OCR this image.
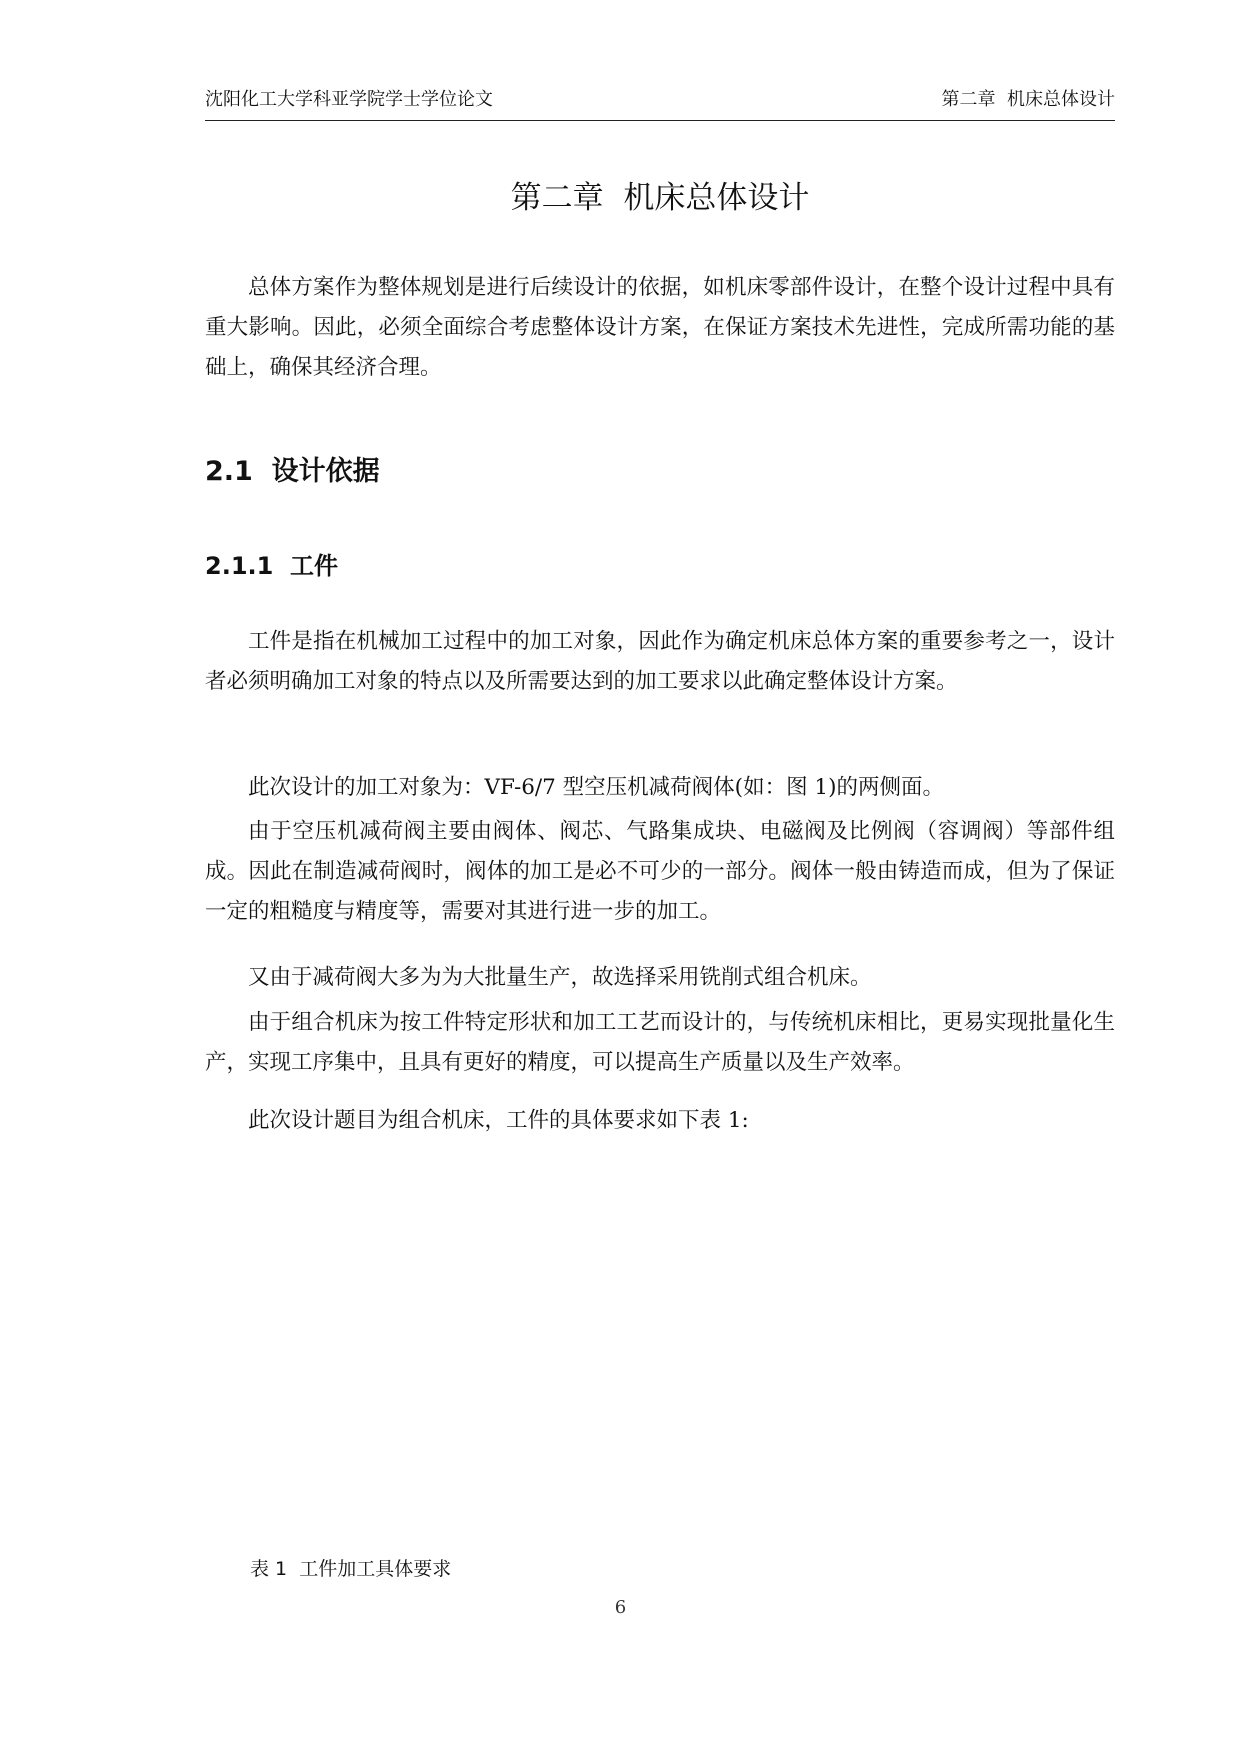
沈阳化工大学科亚学院学士学位论文	第二章  机床总体设计
第二章  机床总体设计

总体方案作为整体规划是进行后续设计的依据，如机床零部件设计，在整个设计过程中具有重大影响。因此，必须全面综合考虑整体设计方案，在保证方案技术先进性，完成所需功能的基础上，确保其经济合理。

2.1  设计依据
2.1.1  工件

工件是指在机械加工过程中的加工对象，因此作为确定机床总体方案的重要参考之一，设计者必须明确加工对象的特点以及所需要达到的加工要求以此确定整体设计方案。

此次设计的加工对象为：VF-6/7 型空压机减荷阀体(如：图 1)的两侧面。

由于空压机减荷阀主要由阀体、阀芯、气路集成块、电磁阀及比例阀（容调阀）等部件组成。因此在制造减荷阀时，阀体的加工是必不可少的一部分。阀体一般由铸造而成，但为了保证一定的粗糙度与精度等，需要对其进行进一步的加工。

又由于减荷阀大多为为大批量生产，故选择采用铣削式组合机床。

由于组合机床为按工件特定形状和加工工艺而设计的，与传统机床相比，更易实现批量化生产，实现工序集中，且具有更好的精度，可以提高生产质量以及生产效率。

此次设计题目为组合机床，工件的具体要求如下表 1:

表 1  工件加工具体要求
6
